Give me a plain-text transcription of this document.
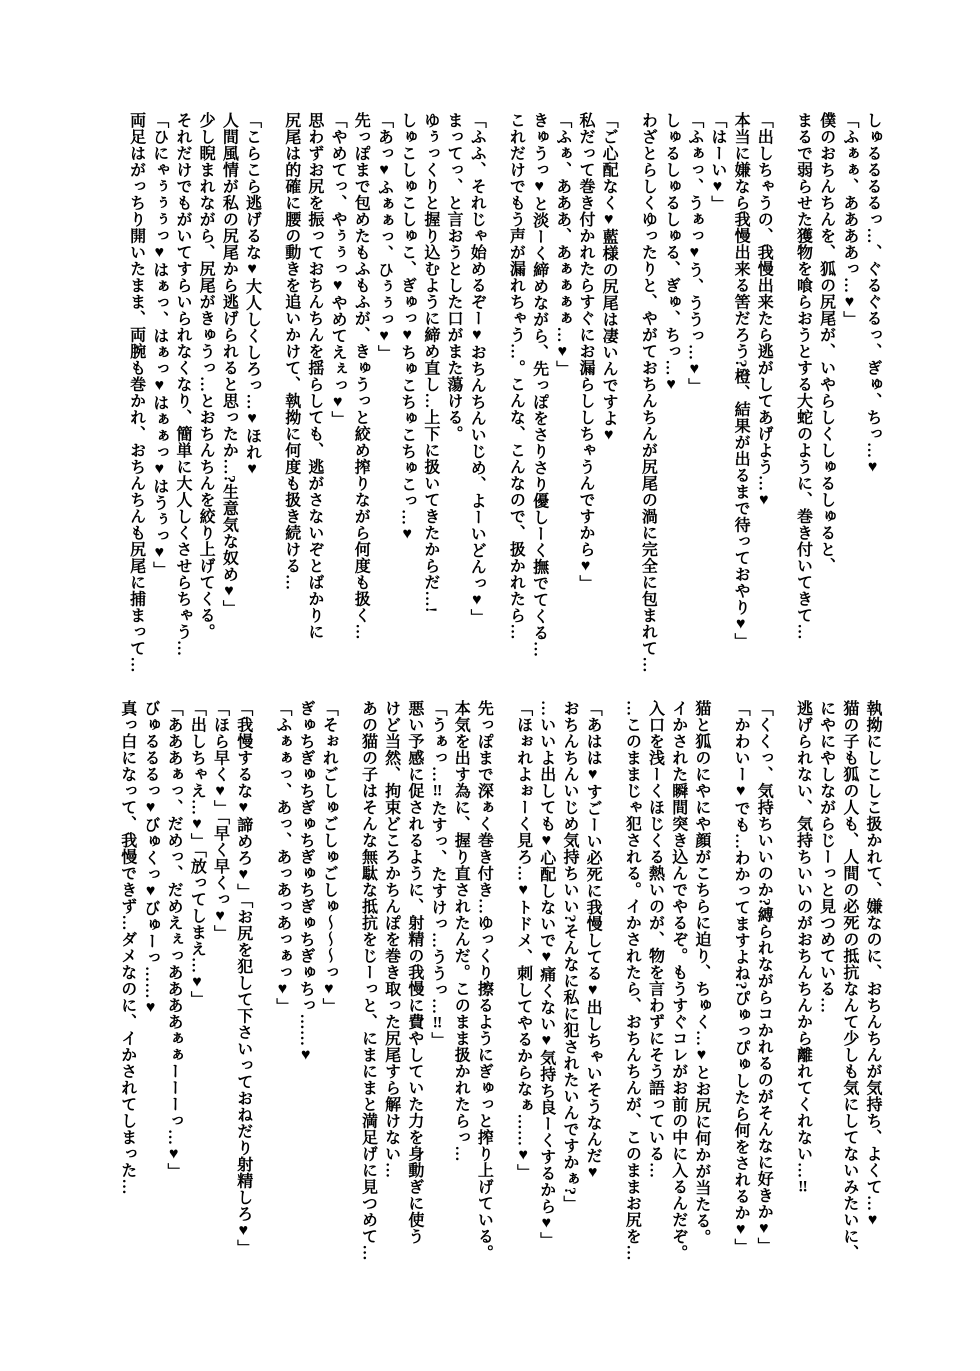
しゅるるるるっ…、ぐるぐるっ、ぎゅ、ちっ…♥

「ふぁぁ、ああああっ…♥」

僕のおちんちんを、狐の尻尾が、いやらしくしゅるしゅると、

まるで弱らせた獲物を喰らおうとする大蛇のように、巻き付いてきて…

「出しちゃうの、我慢出来たら逃がしてあげよう…♥

本当に嫌なら我慢出来る筈だろう?橙、結果が出るまで待っておやり♥」

「はーい♥」

「ふぁっ、うぁっ♥う、ううっ…♥」

しゅるしゅるしゅる、ぎゅ、ちっ…♥

わざとらしくゆったりと、やがておちんちんが尻尾の渦に完全に包まれて…

「ご心配なく♥藍様の尻尾は凄いんですよ♥

私だって巻き付かれたらすぐにお漏らししちゃうんですから♥」

「ふぁ、あああ、あぁぁぁぁ…♥」

きゅうっ♥と淡ーく締めながら、先っぽをさりさり優しーく撫でてくる…

これだけでもう声が漏れちゃう…。こんな、こんなので、扱かれたら…

「ふふ、それじゃ始めるぞー♥おちんちんいじめ、よーいどんっ♥」

まってっ、と言おうとした口がまた蕩ける。

ゆぅっくりと握り込むように締め直し…上下に扱いてきたからだ…!

しゅこしゅこしゅこ、ぎゅっ♥ちゅこちゅこちゅこっ…♥

「あっ♥ふぁぁっ、ひぅぅっ♥」

先っぽまで包めたもふもふが、きゅうっと絞め搾りながら何度も扱く…

「やめてっ、やぅぅっ♥やめてえぇっ♥」

思わずお尻を振っておちんちんを揺らしても、逃がさないぞとばかりに

尻尾は的確に腰の動きを追いかけて、執拗に何度も扱き続ける…

「こらこら逃げるな♥大人しくしろっ…♥ほれ♥

人間風情が私の尻尾から逃げられると思ったか…?生意気な奴め♥」

少し睨まれながら、尻尾がきゅうっ…とおちんちんを絞り上げてくる。

それだけでもがいてすらいられなくなり、簡単に大人しくさせらちゃう…

「ひにゃぅぅぅっ♥はぁっ、はぁっ♥はぁぁっ♥はうぅっ♥」

両足はがっちり開いたまま、両腕も巻かれ、おちんちんも尻尾に捕まって…

執拗にしこしこ扱かれて、嫌なのに、おちんちんが気持ち、よくて…♥

猫の子も狐の人も、人間の必死の抵抗なんて少しも気にしてないみたいに、

にやにやしながらじーっと見つめている…

逃げられない、気持ちいいのがおちんちんから離れてくれない…‼

「くくっ、気持ちいいのか?縛られながらコかれるのがそんなに好きか♥」

「かわいー♥でも…わかってますよね?ぴゅっぴゅしたら何をされるか♥」

猫と狐のにやにや顔がこちらに迫り、ちゅく…♥とお尻に何かが当たる。

イかされた瞬間突き込んでやるぞ。もうすぐコレがお前の中に入るんだぞ。

入口を浅ーくほじくる熱いのが、物を言わずにそう語っている…

…このままじゃ犯される。イかされたら、おちんちんが、このままお尻を…

「あはは♥すごーい必死に我慢してる♥出しちゃいそうなんだ♥

おちんちんいじめ気持ちいい?そんなに私に犯されたいんですかぁ?」

…いいよ出しても♥心配しないで♥痛くない♥気持ち良ーくするから♥」

「ほぉれよぉーく見ろ…♥トドメ、刺してやるからなぁ……♥」

先っぽまで深ぁく巻き付き…ゆっくり擦るようにぎゅっと搾り上げている。

本気を出す為に、握り直されたんだ。このまま扱かれたらっ…

「うぁっ…‼たすっ、たすけっ…ううっ…‼」

悪い予感に促されるように、射精の我慢に費やしていた力を身動ぎに使う

けど当然、拘束どころかちんぽを巻き取った尻尾すら解けない…

あの猫の子はそんな無駄な抵抗をじーっと、にまにまと満足げに見つめて…

「そぉれごしゅごしゅごしゅ〜〜〜っ♥」

ぎゅちぎゅちぎゅちぎゅちぎゅちぎゅちっ……♥

「ふぁぁっ、あっ、あっあっあっぁっ♥」

「我慢するな♥諦めろ♥」「お尻を犯して下さいっておねだり射精しろ♥」

「ほら早く♥」「早く早くっ♥」

「出しちゃえ…♥」「放ってしまえ…♥」

「あああぁっ、だめっ、だめえぇっああああぁぁーーーっ…♥」

びゅるるるっ♥びゅくっ♥びゅーっ……♥

真っ白になって、我慢できず…ダメなのに、イかされてしまった…
